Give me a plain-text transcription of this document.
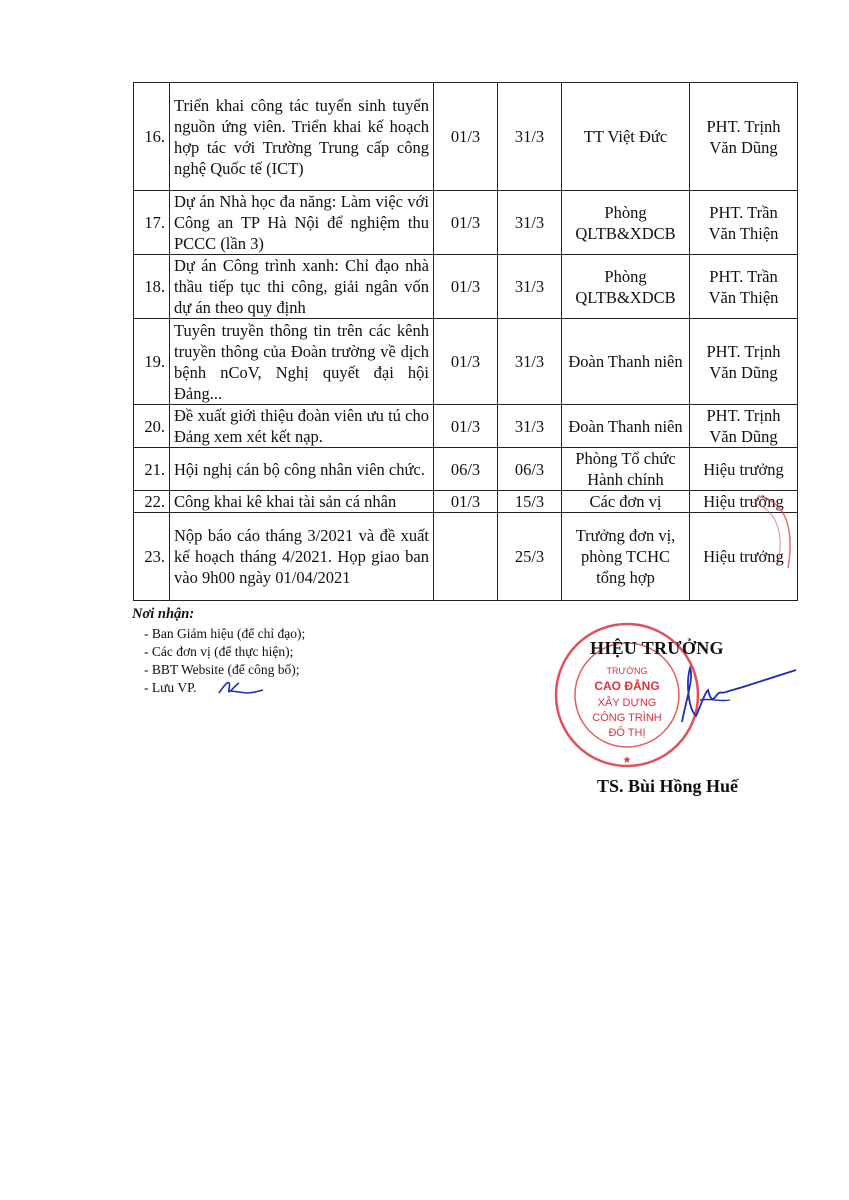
16.	Triển khai công tác tuyển sinh tuyển nguồn ứng viên. Triển khai kế hoạch hợp tác với Trường Trung cấp công nghệ Quốc tế (ICT)	01/3	31/3	TT Việt Đức	PHT. Trịnh Văn Dũng
17.	Dự án Nhà học đa năng: Làm việc với Công an TP Hà Nội để nghiệm thu PCCC (lần 3)	01/3	31/3	Phòng QLTB&XDCB	PHT. Trần Văn Thiện
18.	Dự án Công trình xanh: Chỉ đạo nhà thầu tiếp tục thi công, giải ngân vốn dự án theo quy định	01/3	31/3	Phòng QLTB&XDCB	PHT. Trần Văn Thiện
19.	Tuyên truyền thông tin trên các kênh truyền thông của Đoàn trường về dịch bệnh nCoV, Nghị quyết đại hội Đảng...	01/3	31/3	Đoàn Thanh niên	PHT. Trịnh Văn Dũng
20.	Đề xuất giới thiệu đoàn viên ưu tú cho Đảng xem xét kết nạp.	01/3	31/3	Đoàn Thanh niên	PHT. Trịnh Văn Dũng
21.	Hội nghị cán bộ công nhân viên chức.	06/3	06/3	Phòng Tổ chức Hành chính	Hiệu trưởng
22.	Công khai kê khai tài sản cá nhân	01/3	15/3	Các đơn vị	Hiệu trưởng
23.	Nộp báo cáo tháng 3/2021 và đề xuất kế hoạch tháng 4/2021. Họp giao ban vào 9h00 ngày 01/04/2021		25/3	Trưởng đơn vị, phòng TCHC tổng hợp	Hiệu trưởng
Nơi nhận:
- Ban Giám hiệu (để chỉ đạo);
- Các đơn vị (để thực hiện);
- BBT Website (để công bố);
- Lưu VP.
TRƯỜNG
CAO ĐẲNG
XÂY DỰNG
CÔNG TRÌNH
ĐÔ THỊ
★
HIỆU TRƯỞNG
TS. Bùi Hồng Huế
